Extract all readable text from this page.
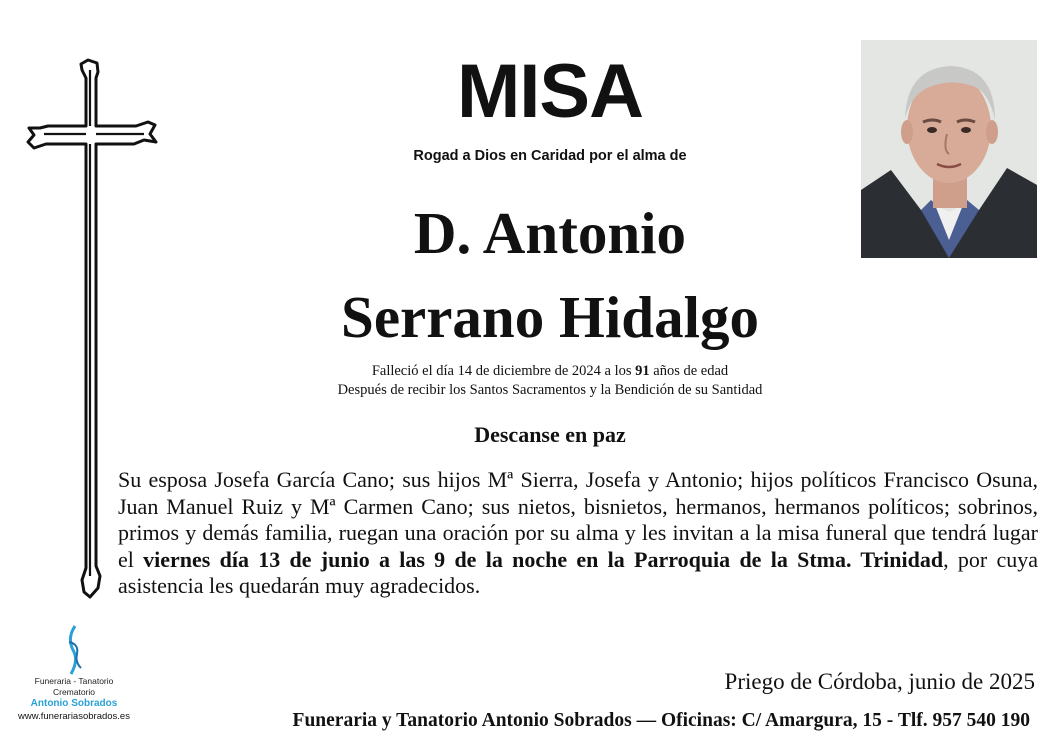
MISA
Rogad a Dios en Caridad por el alma de
D. Antonio
Serrano Hidalgo
Falleció el día 14 de diciembre de 2024 a los 91 años de edad
Después de recibir los Santos Sacramentos y la Bendición de su Santidad
Descanse en paz
Su esposa Josefa García Cano; sus hijos Mª Sierra, Josefa y Antonio; hijos políticos Francisco Osuna, Juan Manuel Ruiz y Mª Carmen Cano; sus nietos, bisnietos, hermanos, hermanos políticos; sobrinos, primos y demás familia, ruegan una oración por su alma y les invitan a la misa funeral que tendrá lugar el viernes día 13 de junio a las 9 de la noche en la Parroquia de la Stma. Trinidad, por cuya asistencia les quedarán muy agradecidos.
Priego de Córdoba, junio de 2025
Funeraria y Tanatorio Antonio Sobrados — Oficinas: C/ Amargura, 15 - Tlf. 957 540 190
Funeraria - Tanatorio
Crematorio
Antonio Sobrados
www.funerariasobrados.es
